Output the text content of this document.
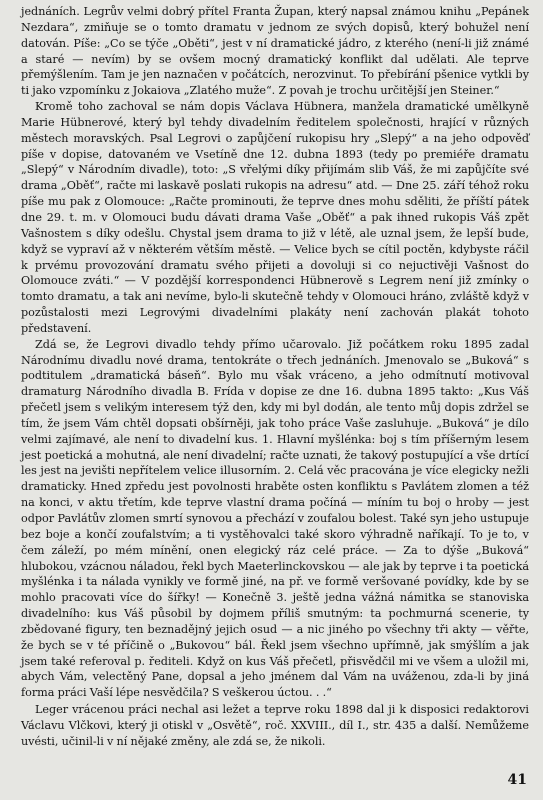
jednáních. Legrův velmi dobrý přítel Franta Župan, který napsal známou knihu „Pepánek Nezdara“, zmiňuje se o tomto dramatu v jednom ze svých dopisů, který bohužel není datován. Píše: „Co se týče „Oběti“, jest v ní dramatické jádro, z kterého (není-li již známé a staré — nevím) by se ovšem mocný dramatický konflikt dal udělati. Ale teprve přemýšlením. Tam je jen naznačen v počátcích, nerozvinut. To přebírání pšenice vytkli by ti jako vzpomínku z Jokaiova „Zlatého muže“. Z povah je trochu určitější jen Steiner.“

Kromě toho zachoval se nám dopis Václava Hübnera, manžela dramatické umělkyně Marie Hübnerové, který byl tehdy divadelním ředitelem společnosti, hrající v různých městech moravských. Psal Legrovi o zapůjčení rukopisu hry „Slepý“ a na jeho odpověď píše v dopise, datovaném ve Vsetíně dne 12. dubna 1893 (tedy po premiéře dramatu „Slepý“ v Národním divadle), toto: „S vřelými díky přijímám slib Váš, že mi zapůjčíte své drama „Oběť“, račte mi laskavě poslati rukopis na adresu“ atd. — Dne 25. září téhož roku píše mu pak z Olomouce: „Račte prominouti, že teprve dnes mohu sděliti, že příští pátek dne 29. t. m. v Olomouci budu dávati drama Vaše „Oběť“ a pak ihned rukopis Váš zpět Vašnostem s díky odešlu. Chystal jsem drama to již v létě, ale uznal jsem, že lepší bude, když se vypraví až v některém větším městě. — Velice bych se cítil poctěn, kdybyste ráčil k prvému provozování dramatu svého přijeti a dovoluji si co nejuctivěji Vašnost do Olomouce zváti.“ — V pozdější korrespondenci Hübnerově s Legrem není již zmínky o tomto dramatu, a tak ani nevíme, bylo-li skutečně tehdy v Olomouci hráno, zvláště když v pozůstalosti mezi Legrovými divadelními plakáty není zachován plakát tohoto představení.

Zdá se, že Legrovi divadlo tehdy přímo učarovalo. Již počátkem roku 1895 zadal Národnímu divadlu nové drama, tentokráte o třech jednáních. Jmenovalo se „Buková“ s podtitulem „dramatická báseň“. Bylo mu však vráceno, a jeho odmítnutí motivoval dramaturg Národního divadla B. Frída v dopise ze dne 16. dubna 1895 takto: „Kus Váš přečetl jsem s velikým interesem týž den, kdy mi byl dodán, ale tento můj dopis zdržel se tím, že jsem Vám chtěl dopsati obšírněji, jak toho práce Vaše zasluhuje. „Buková“ je dílo velmi zajímavé, ale není to divadelní kus. 1. Hlavní myšlénka: boj s tím příšerným lesem jest poetická a mohutná, ale není divadelní; račte uznati, že takový postupující a vše drtící les jest na jevišti nepřítelem velice illusorním. 2. Celá věc pracována je více elegicky nežli dramaticky. Hned zpředu jest povolnosti hraběte osten konfliktu s Pavlátem zlomen a též na konci, v aktu třetím, kde teprve vlastní drama počíná — míním tu boj o hroby — jest odpor Pavlátův zlomen smrtí synovou a přechází v zoufalou bolest. Také syn jeho ustupuje bez boje a končí zoufalstvím; a ti vystěhovalci také skoro výhradně naříkají. To je to, v čem záleží, po mém mínění, onen elegický ráz celé práce. — Za to dýše „Buková“ hlubokou, vzácnou náladou, řekl bych Maeterlinckovskou — ale jak by teprve i ta poetická myšlénka i ta nálada vynikly ve formě jiné, na př. ve formě veršované povídky, kde by se mohlo pracovati více do šířky! — Konečně 3. ještě jedna vážná námitka se stanoviska divadelního: kus Váš působil by dojmem příliš smutným: ta pochmurná scenerie, ty zbědované figury, ten beznadějný jejich osud — a nic jiného po všechny tři akty — věřte, že bych se v té příčině o „Bukovou“ bál. Řekl jsem všechno upřímně, jak smýšlím a jak jsem také referoval p. řediteli. Když on kus Váš přečetl, přisvědčil mi ve všem a uložil mi, abych Vám, velectěný Pane, dopsal a jeho jménem dal Vám na uváženou, zda-li by jiná forma práci Vaší lépe nesvědčila? S veškerou úctou. . .“

Leger vrácenou práci nechal asi ležet a teprve roku 1898 dal ji k disposici redaktorovi Václavu Vlčkovi, který ji otiskl v „Osvětě“, roč. XXVIII., díl I., str. 435 a další. Nemůžeme uvésti, učinil-li v ní nějaké změny, ale zdá se, že nikoli.

41
